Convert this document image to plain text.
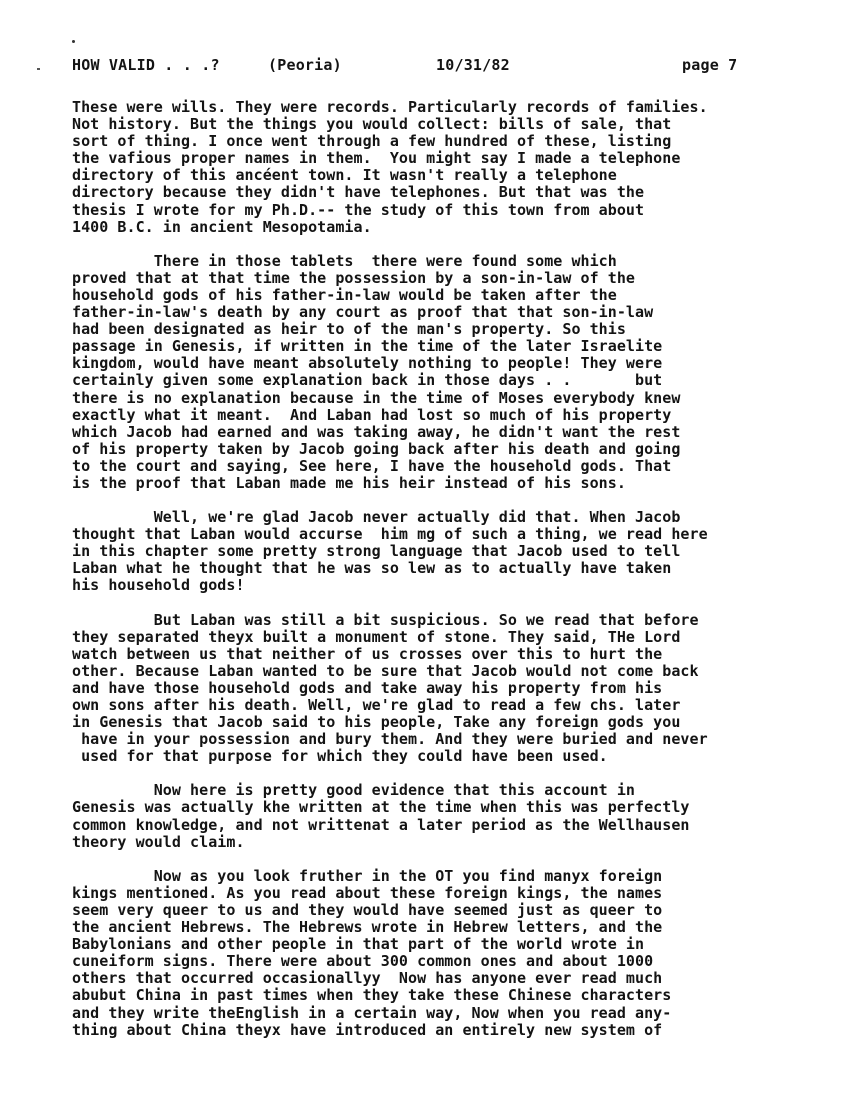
HOW VALID . . .?	(Peoria)	10/31/82	page 7
These were wills. They were records. Particularly records of families.
Not history. But the things you would collect: bills of sale, that
sort of thing. I once went through a few hundred of these, listing
the vafious proper names in them.  You might say I made a telephone
directory of this ancéent town. It wasn't really a telephone
directory because they didn't have telephones. But that was the
thesis I wrote for my Ph.D.-- the study of this town from about
1400 B.C. in ancient Mesopotamia.
There in those tablets  there were found some which
proved that at that time the possession by a son-in-law of the
household gods of his father-in-law would be taken after the
father-in-law's death by any court as proof that that son-in-law
had been designated as heir to of the man's property. So this
passage in Genesis, if written in the time of the later Israelite
kingdom, would have meant absolutely nothing to people! They were
certainly given some explanation back in those days . .       but
there is no explanation because in the time of Moses everybody knew
exactly what it meant.  And Laban had lost so much of his property
which Jacob had earned and was taking away, he didn't want the rest
of his property taken by Jacob going back after his death and going
to the court and saying, See here, I have the household gods. That
is the proof that Laban made me his heir instead of his sons.
Well, we're glad Jacob never actually did that. When Jacob
thought that Laban would accurse  him mg of such a thing, we read here
in this chapter some pretty strong language that Jacob used to tell
Laban what he thought that he was so lew as to actually have taken
his household gods!
But Laban was still a bit suspicious. So we read that before
they separated theyx built a monument of stone. They said, THe Lord
watch between us that neither of us crosses over this to hurt the
other. Because Laban wanted to be sure that Jacob would not come back
and have those household gods and take away his property from his
own sons after his death. Well, we're glad to read a few chs. later
in Genesis that Jacob said to his people, Take any foreign gods you
have in your possession and bury them. And they were buried and never
used for that purpose for which they could have been used.
Now here is pretty good evidence that this account in
Genesis was actually khe written at the time when this was perfectly
common knowledge, and not writtenat a later period as the Wellhausen
theory would claim.
Now as you look fruther in the OT you find manyx foreign
kings mentioned. As you read about these foreign kings, the names
seem very queer to us and they would have seemed just as queer to
the ancient Hebrews. The Hebrews wrote in Hebrew letters, and the
Babylonians and other people in that part of the world wrote in
cuneiform signs. There were about 300 common ones and about 1000
others that occurred occasionallyy  Now has anyone ever read much
abubut China in past times when they take these Chinese characters
and they write theEnglish in a certain way, Now when you read any-
thing about China theyx have introduced an entirely new system of
